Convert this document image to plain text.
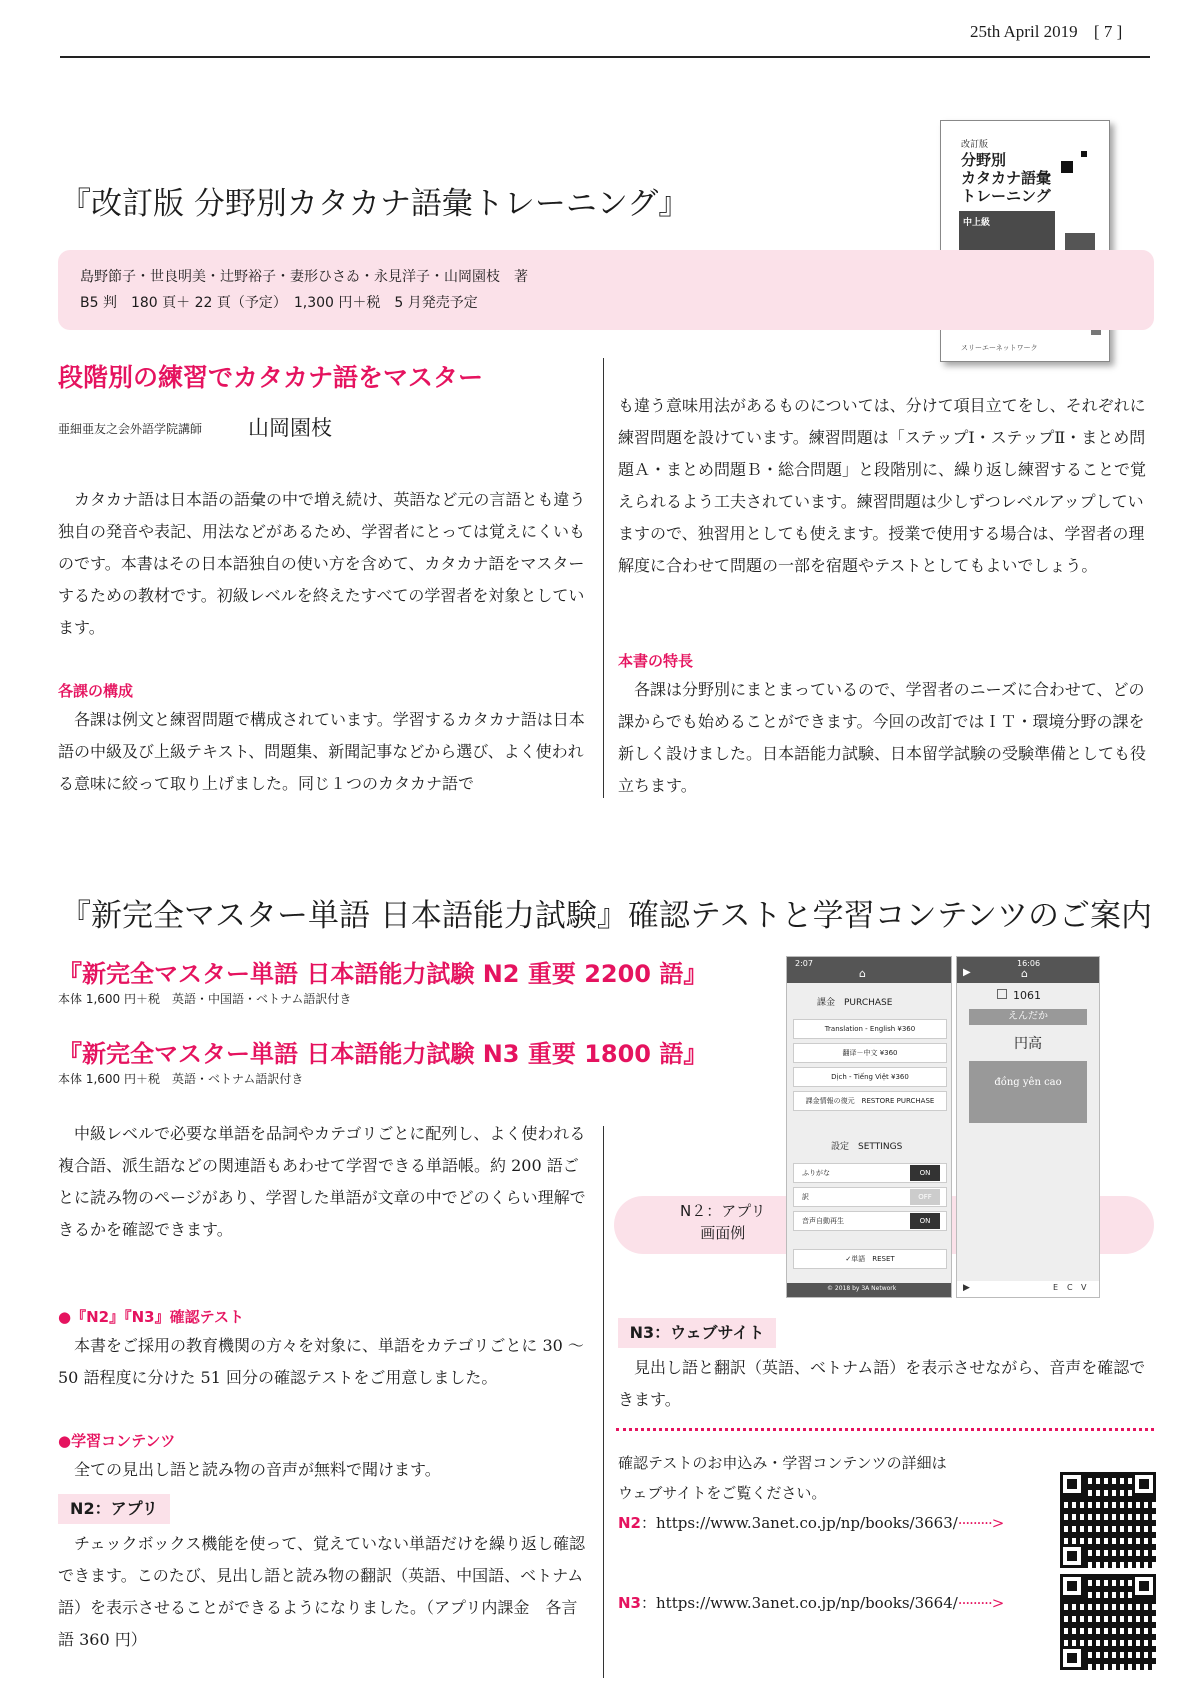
25th April 2019 [ 7 ]
改訂版
分野別
カタカナ語彙
トレーニング
中上級
スリーエーネットワーク
『改訂版 分野別カタカナ語彙トレーニング』
島野節子・世良明美・辻野裕子・妻形ひさゐ・永見洋子・山岡園枝　著
B5 判　180 頁＋ 22 頁（予定）　1,300 円＋税　5 月発売予定
段階別の練習でカタカナ語をマスター
亜細亜友之会外語学院講師 山岡園枝

カタカナ語は日本語の語彙の中で増え続け、英語など元の言語とも違う独自の発音や表記、用法などがあるため、学習者にとっては覚えにくいものです。本書はその日本語独自の使い方を含めて、カタカナ語をマスターするための教材です。初級レベルを終えたすべての学習者を対象としています。

各課の構成

各課は例文と練習問題で構成されています。学習するカタカナ語は日本語の中級及び上級テキスト、問題集、新聞記事などから選び、よく使われる意味に絞って取り上げました。同じ１つのカタカナ語で

も違う意味用法があるものについては、分けて項目立てをし、それぞれに練習問題を設けています。練習問題は「ステップⅠ・ステップⅡ・まとめ問題Ａ・まとめ問題Ｂ・総合問題」と段階別に、繰り返し練習することで覚えられるよう工夫されています。練習問題は少しずつレベルアップしていますので、独習用としても使えます。授業で使用する場合は、学習者の理解度に合わせて問題の一部を宿題やテストとしてもよいでしょう。

本書の特長

各課は分野別にまとまっているので、学習者のニーズに合わせて、どの課からでも始めることができます。今回の改訂ではＩＴ・環境分野の課を新しく設けました。日本語能力試験、日本留学試験の受験準備としても役立ちます。

『新完全マスター単語 日本語能力試験』確認テストと学習コンテンツのご案内
『新完全マスター単語 日本語能力試験 N2 重要 2200 語』
本体 1,600 円＋税　英語・中国語・ベトナム語訳付き
『新完全マスター単語 日本語能力試験 N3 重要 1800 語』
本体 1,600 円＋税　英語・ベトナム語訳付き

中級レベルで必要な単語を品詞やカテゴリごとに配列し、よく使われる複合語、派生語などの関連語もあわせて学習できる単語帳。約 200 語ごとに読み物のページがあり、学習した単語が文章の中でどのくらい理解できるかを確認できます。

●『N2』『N3』確認テスト

本書をご採用の教育機関の方々を対象に、単語をカテゴリごとに 30 〜 50 語程度に分けた 51 回分の確認テストをご用意しました。

●学習コンテンツ

全ての見出し語と読み物の音声が無料で聞けます。

N2：アプリ

チェックボックス機能を使って、覚えていない単語だけを繰り返し確認できます。このたび、見出し語と読み物の翻訳（英語、中国語、ベトナム語）を表示させることができるようになりました。（アプリ内課金　各言語 360 円）

N２：アプリ
画面例
2:07
⌂
課金　PURCHASE
Translation - English ¥360
翻译－中文 ¥360
Dịch - Tiếng Việt ¥360
課金情報の復元　RESTORE PURCHASE
設定　SETTINGS
ふりがな	ON
訳	OFF
音声自動再生	ON
✓単語　RESET
© 2018 by 3A Network
16:06
▶	⌂
1061
えんだか
円高
đồng yên cao
▶	E C V
N3：ウェブサイト

見出し語と翻訳（英語、ベトナム語）を表示させながら、音声を確認できます。

確認テストのお申込み・学習コンテンツの詳細は
ウェブサイトをご覧ください。
N2：https://www.3anet.co.jp/np/books/3663/·········>
N3：https://www.3anet.co.jp/np/books/3664/·········>
